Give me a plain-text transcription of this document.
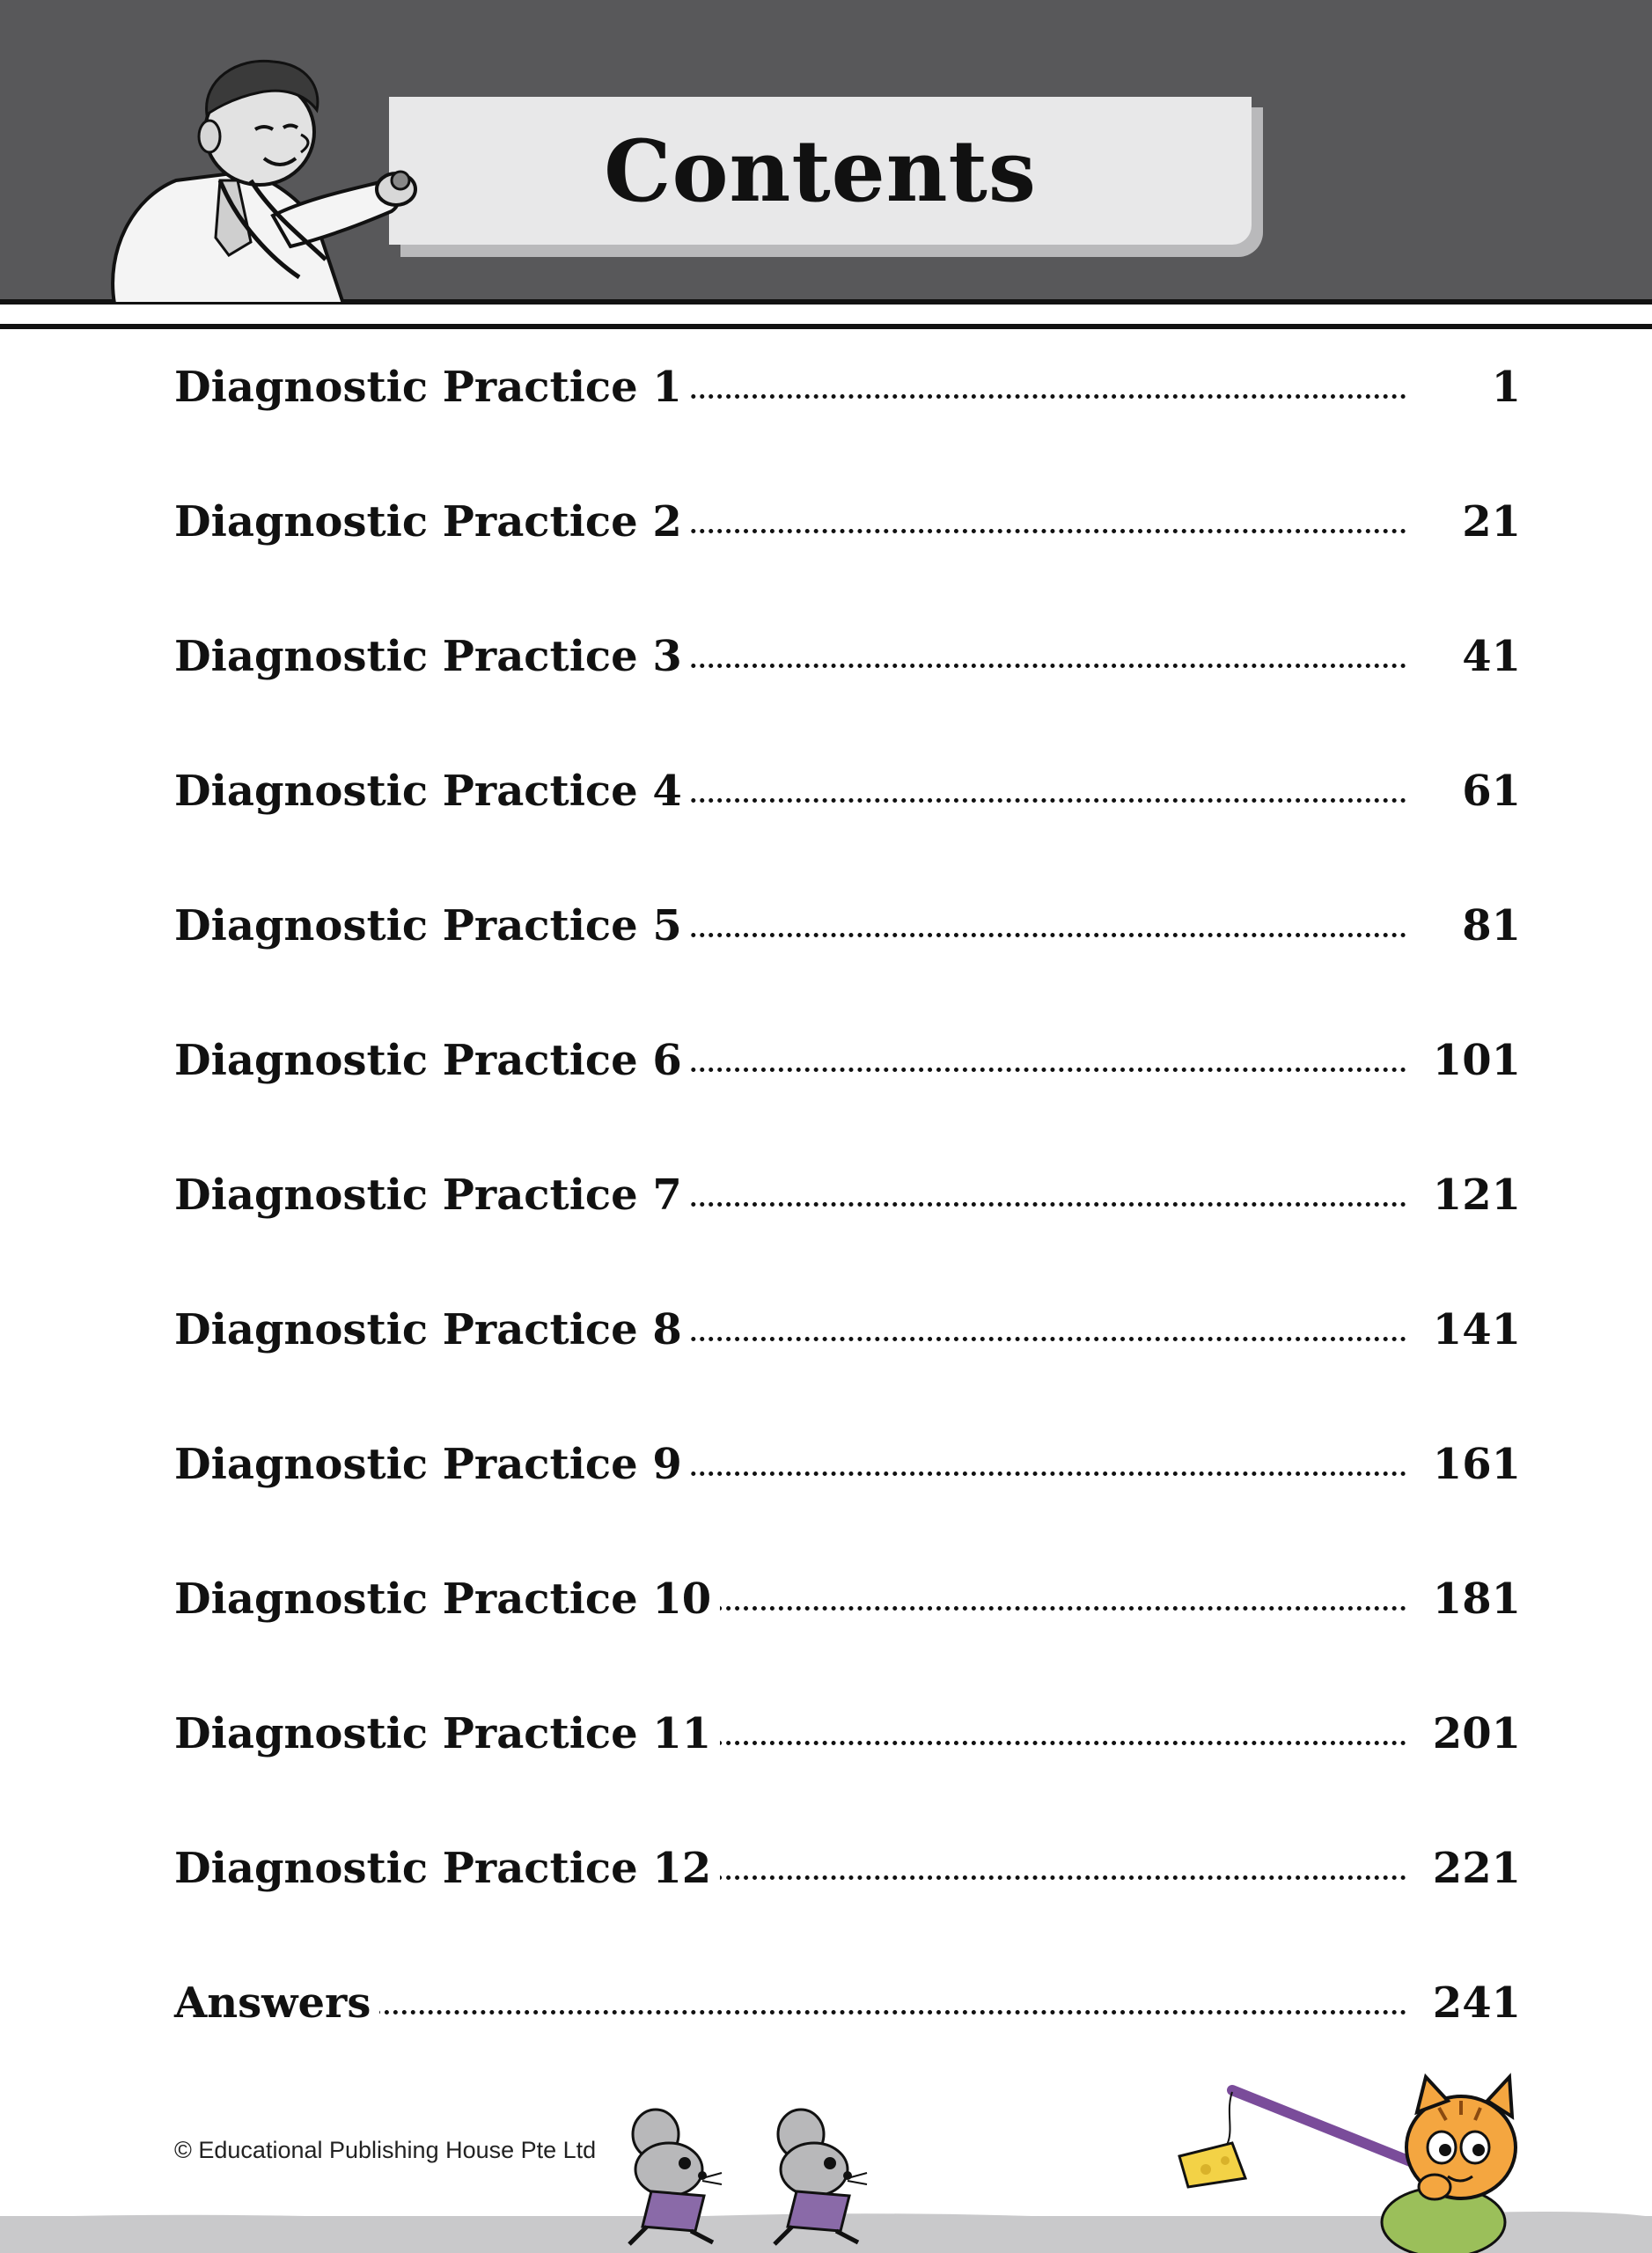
Contents
Diagnostic Practice 1	1
Diagnostic Practice 2	21
Diagnostic Practice 3	41
Diagnostic Practice 4	61
Diagnostic Practice 5	81
Diagnostic Practice 6	101
Diagnostic Practice 7	121
Diagnostic Practice 8	141
Diagnostic Practice 9	161
Diagnostic Practice 10	181
Diagnostic Practice 11	201
Diagnostic Practice 12	221
Answers	241
© Educational Publishing House Pte Ltd
